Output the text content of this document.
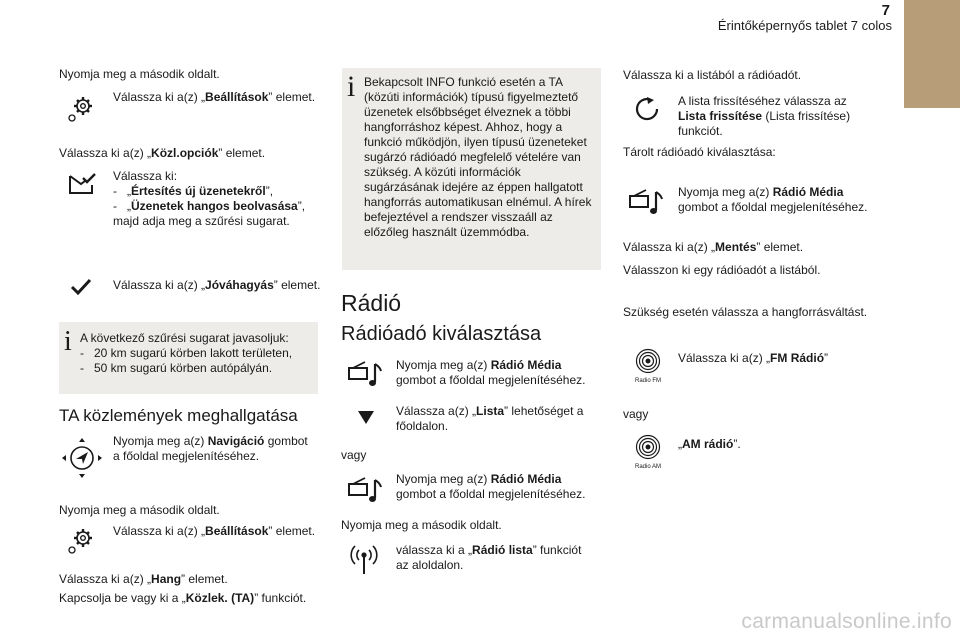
7
Érintőképernyős tablet 7 colos
Nyomja meg a második oldalt.
Válassza ki a(z) „Beállítások” elemet.
Válassza ki a(z) „Közl.opciók” elemet.
Válassza ki:
- „Értesítés új üzenetekről”,
- „Üzenetek hangos beolvasása”,
majd adja meg a szűrési sugarat.
Válassza ki a(z) „Jóváhagyás” elemet.
i A következő szűrési sugarat javasoljuk:
- 20 km sugarú körben lakott területen,
- 50 km sugarú körben autópályán.
TA közlemények meghallgatása
Nyomja meg a(z) Navigáció gombot a főoldal megjelenítéséhez.
Nyomja meg a második oldalt.
Válassza ki a(z) „Beállítások” elemet.
Válassza ki a(z) „Hang” elemet.
Kapcsolja be vagy ki a „Közlek. (TA)” funkciót.
i Bekapcsolt INFO funkció esetén a TA (közúti információk) típusú figyelmeztető üzenetek elsőbbséget élveznek a többi hangforráshoz képest. Ahhoz, hogy a funkció működjön, ilyen típusú üzeneteket sugárzó rádióadó megfelelő vételére van szükség. A közúti információk sugárzásának idejére az éppen hallgatott hangforrás automatikusan elnémul. A hírek befejeztével a rendszer visszaáll az előzőleg használt üzemmódba.
Rádió
Rádióadó kiválasztása
Nyomja meg a(z) Rádió Média gombot a főoldal megjelenítéséhez.
Válassza a(z) „Lista” lehetőséget a főoldalon.
vagy
Nyomja meg a(z) Rádió Média gombot a főoldal megjelenítéséhez.
Nyomja meg a második oldalt.
válassza ki a „Rádió lista” funkciót az aloldalon.
Válassza ki a listából a rádióadót.
A lista frissítéséhez válassza az Lista frissítése (Lista frissítése) funkciót.
Tárolt rádióadó kiválasztása:
Nyomja meg a(z) Rádió Média gombot a főoldal megjelenítéséhez.
Válassza ki a(z) „Mentés” elemet.
Válasszon ki egy rádióadót a listából.
Szükség esetén válassza a hangforrásváltást.
Radio FM
Válassza ki a(z) „FM Rádió”
vagy
Radio AM
„AM rádió”.
carmanualsonline.info
